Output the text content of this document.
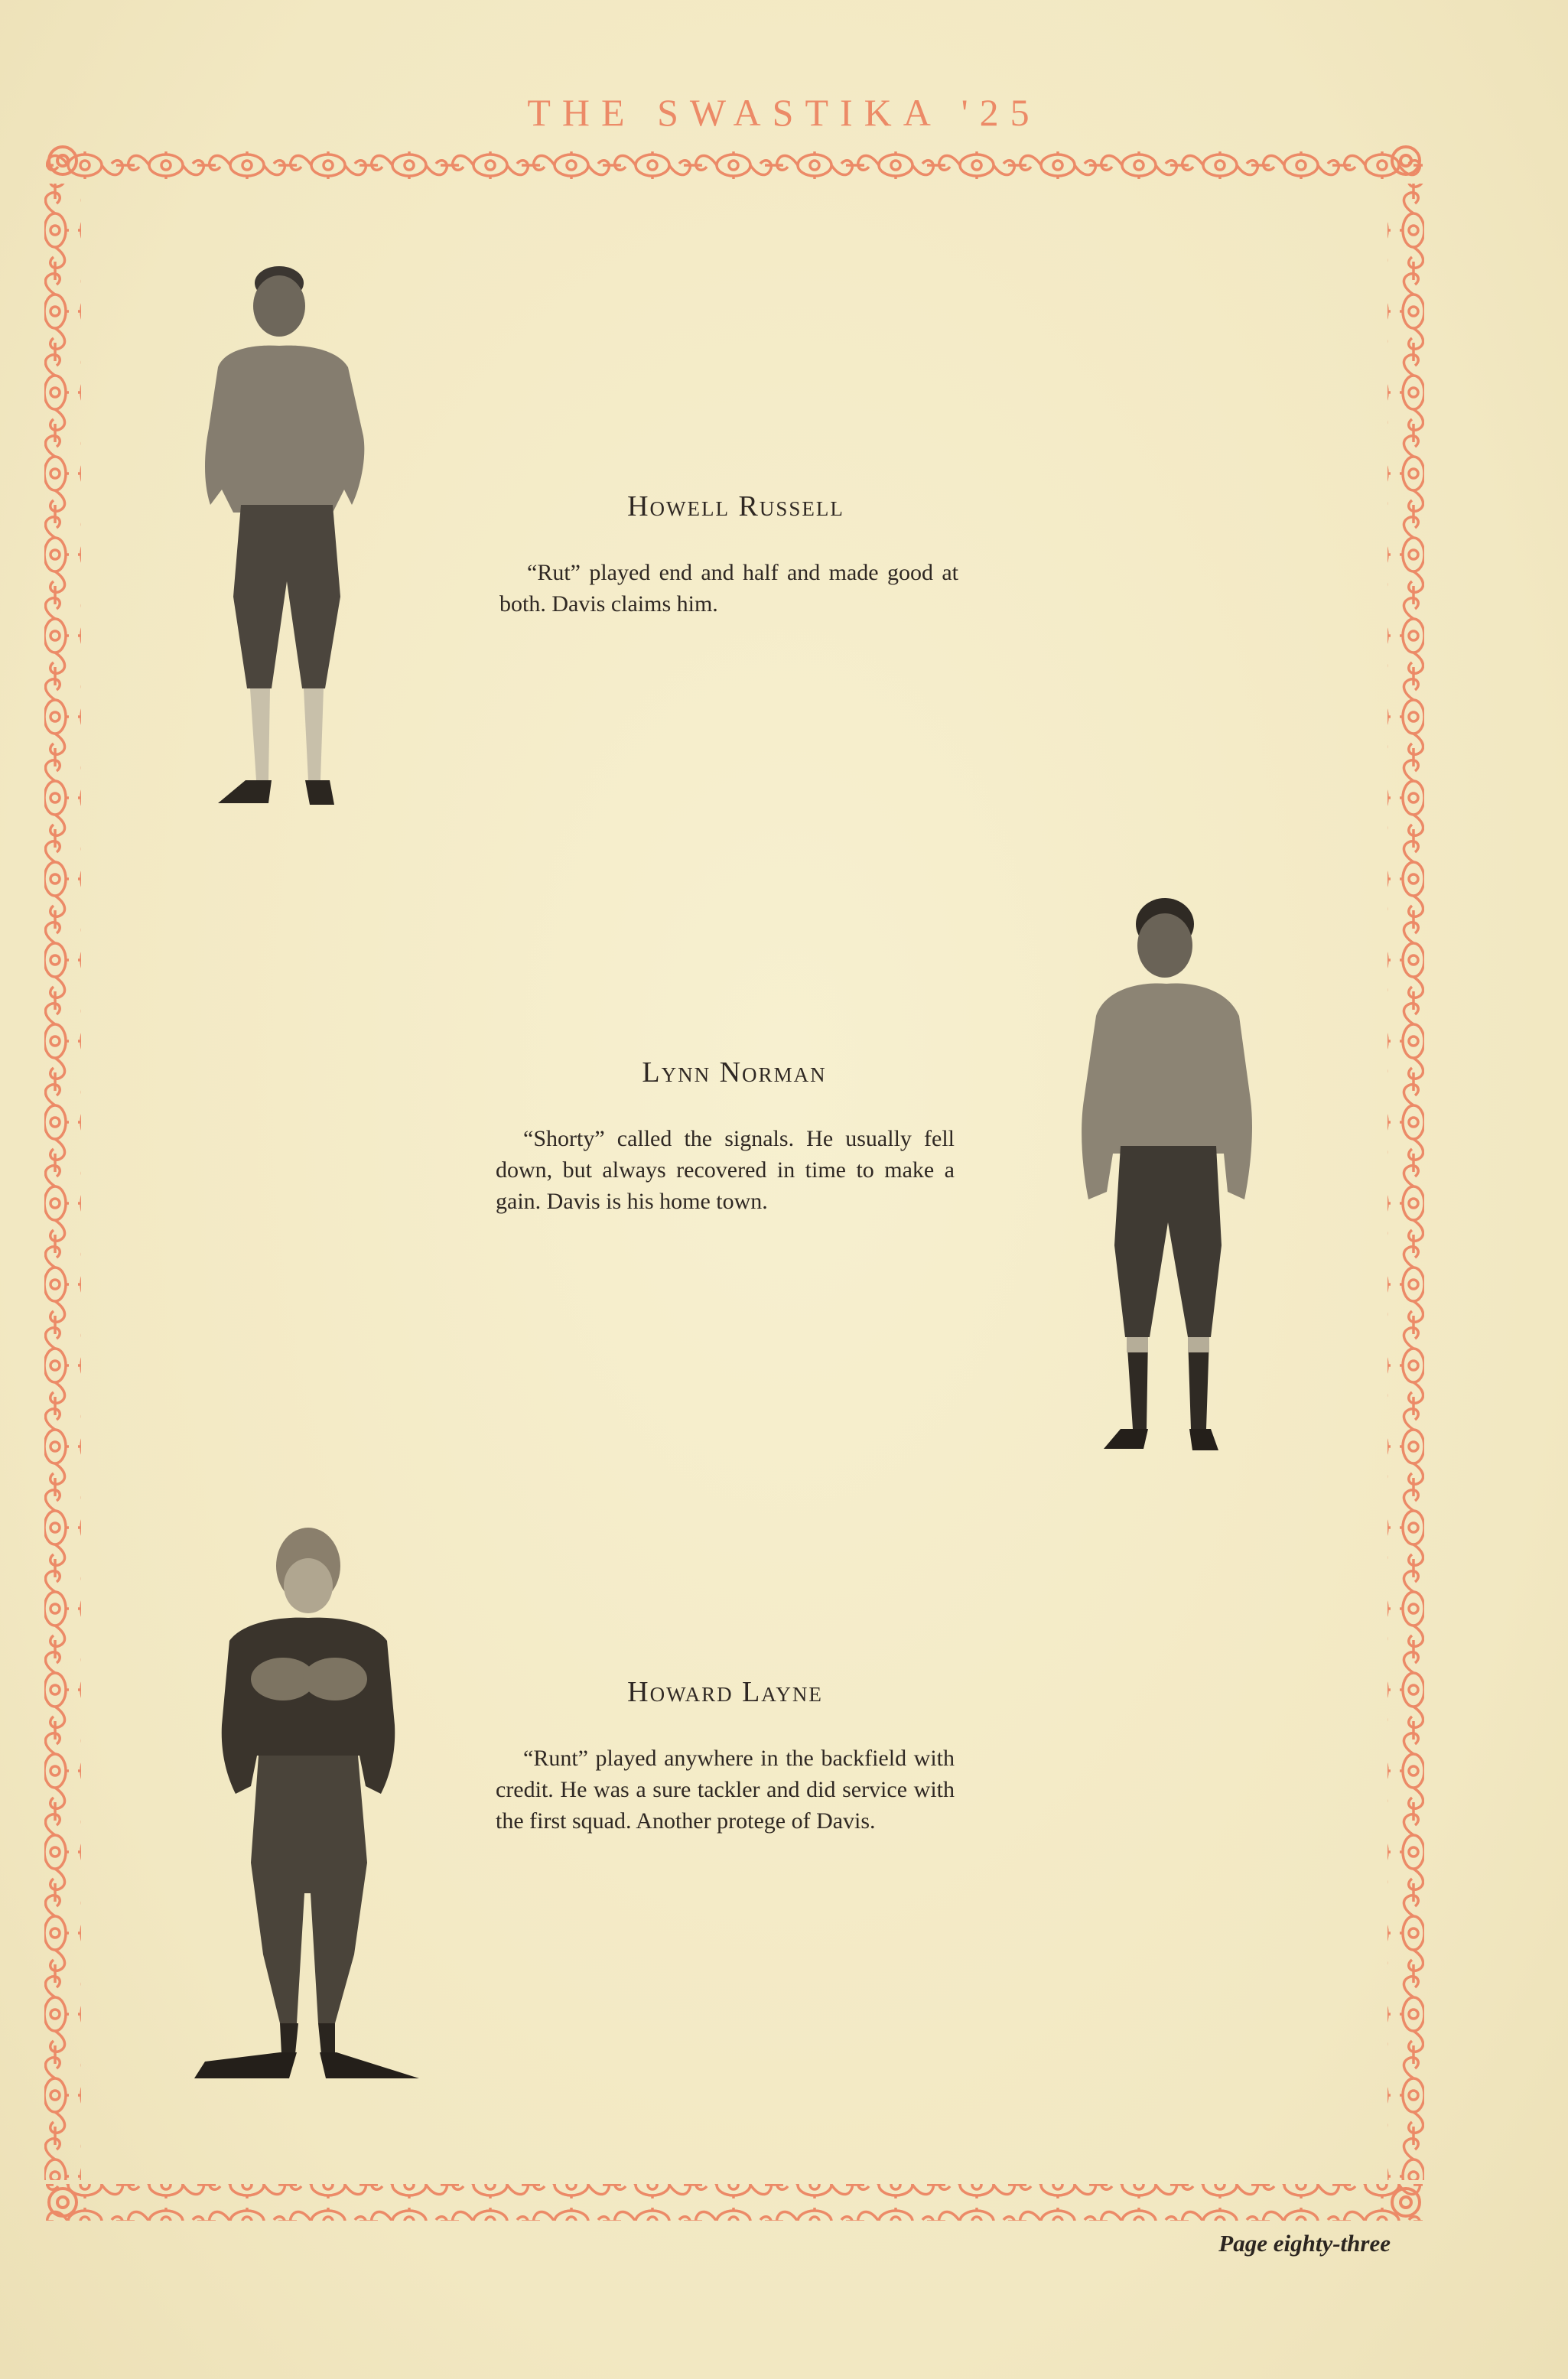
THE SWASTIKA '25
Howell Russell

“Rut” played end and half and made good at both. Davis claims him.

Lynn Norman

“Shorty” called the signals. He usually fell down, but always recovered in time to make a gain. Davis is his home town.

Howard Layne

“Runt” played anywhere in the backfield with credit. He was a sure tackler and did service with the first squad. Another protege of Davis.

Page eighty-three
